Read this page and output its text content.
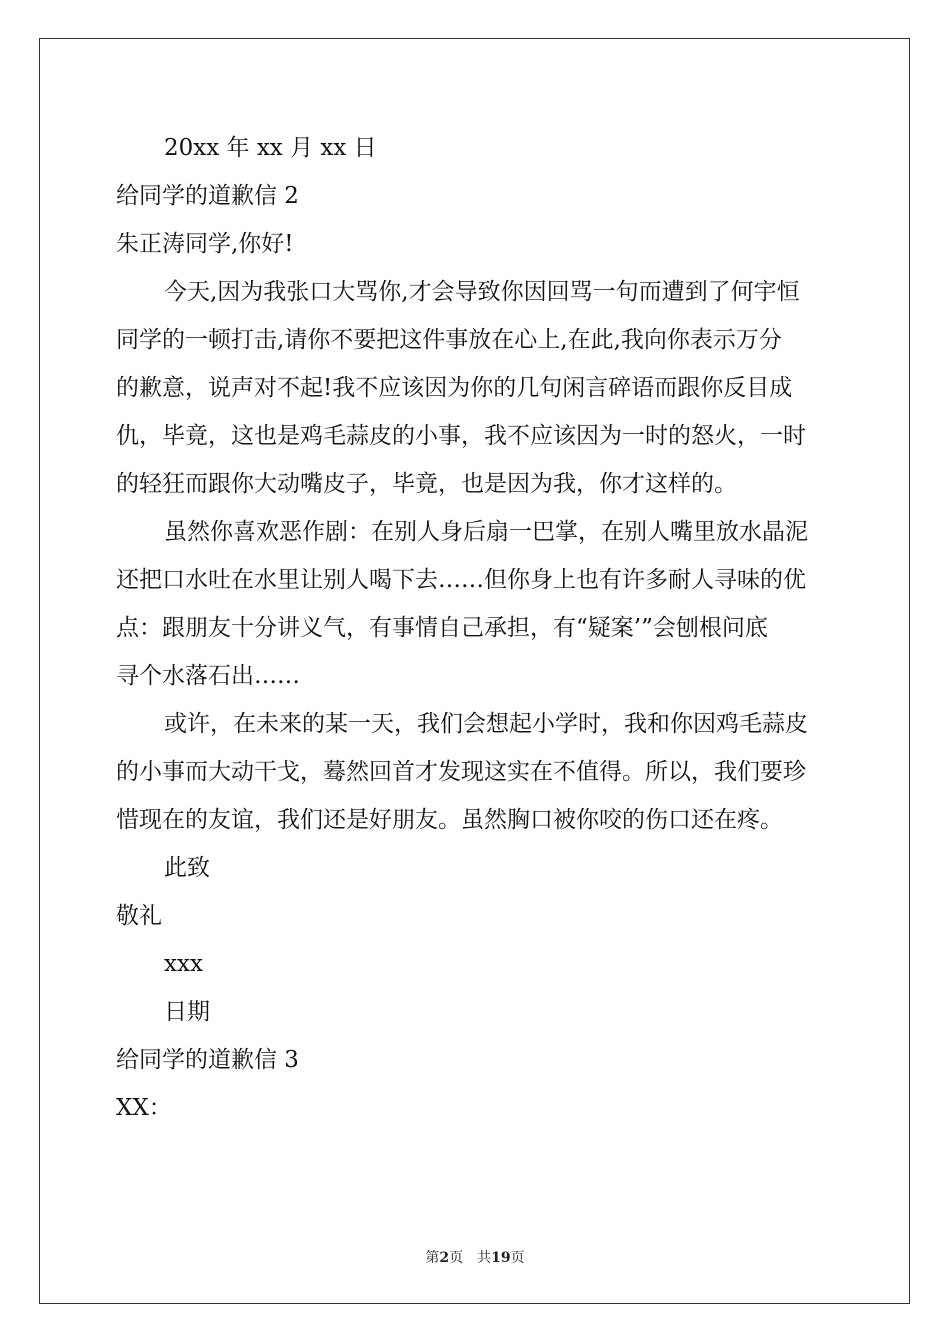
20xx 年 xx 月 xx 日
给同学的道歉信 2
朱正涛同学,你好!
今天,因为我张口大骂你,才会导致你因回骂一句而遭到了何宇恒
同学的一顿打击,请你不要把这件事放在心上,在此,我向你表示万分
的歉意，说声对不起!我不应该因为你的几句闲言碎语而跟你反目成
仇，毕竟，这也是鸡毛蒜皮的小事，我不应该因为一时的怒火，一时
的轻狂而跟你大动嘴皮子，毕竟，也是因为我，你才这样的。
虽然你喜欢恶作剧：在别人身后扇一巴掌，在别人嘴里放水晶泥
还把口水吐在水里让别人喝下去……但你身上也有许多耐人寻味的优
点：跟朋友十分讲义气，有事情自己承担，有“疑案’”会刨根问底
寻个水落石出……
或许，在未来的某一天，我们会想起小学时，我和你因鸡毛蒜皮
的小事而大动干戈，蓦然回首才发现这实在不值得。所以，我们要珍
惜现在的友谊，我们还是好朋友。虽然胸口被你咬的伤口还在疼。
此致
敬礼
xxx
日期
给同学的道歉信 3
XX：
第2页　共19页
